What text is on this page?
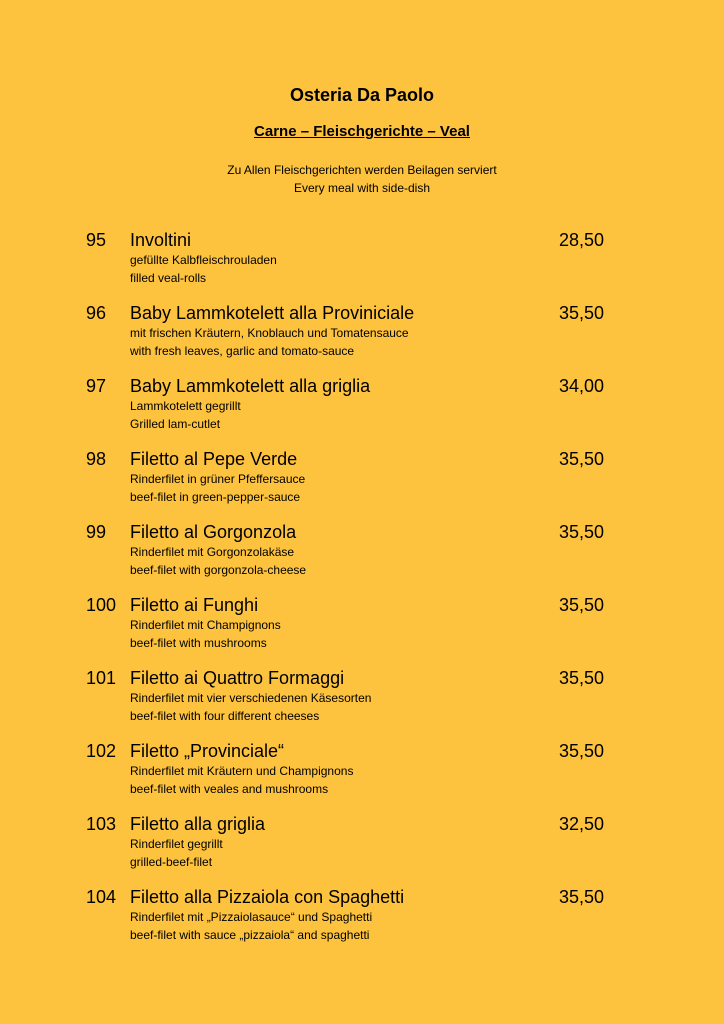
Osteria Da Paolo
Carne – Fleischgerichte – Veal
Zu Allen Fleischgerichten werden Beilagen serviert
Every meal with side-dish
95 Involtini	28,50
gefüllte Kalbfleischrouladen
filled veal-rolls
96 Baby Lammkotelett alla Proviniciale	35,50
mit frischen Kräutern, Knoblauch und Tomatensauce
with fresh leaves, garlic and tomato-sauce
97 Baby Lammkotelett alla griglia	34,00
Lammkotelett gegrillt
Grilled lam-cutlet
98 Filetto al Pepe Verde	35,50
Rinderfilet in grüner Pfeffersauce
beef-filet in green-pepper-sauce
99 Filetto al Gorgonzola	35,50
Rinderfilet mit Gorgonzolakäse
beef-filet with gorgonzola-cheese
100 Filetto ai Funghi	35,50
Rinderfilet mit Champignons
beef-filet with mushrooms
101 Filetto ai Quattro Formaggi	35,50
Rinderfilet mit vier verschiedenen Käsesorten
beef-filet with four different cheeses
102 Filetto „Provinciale“	35,50
Rinderfilet mit Kräutern und Champignons
beef-filet with veales and mushrooms
103 Filetto alla griglia	32,50
Rinderfilet gegrillt
grilled-beef-filet
104 Filetto alla Pizzaiola con Spaghetti	35,50
Rinderfilet mit „Pizzaiolasauce“ und Spaghetti
beef-filet with sauce „pizzaiola“ and spaghetti
